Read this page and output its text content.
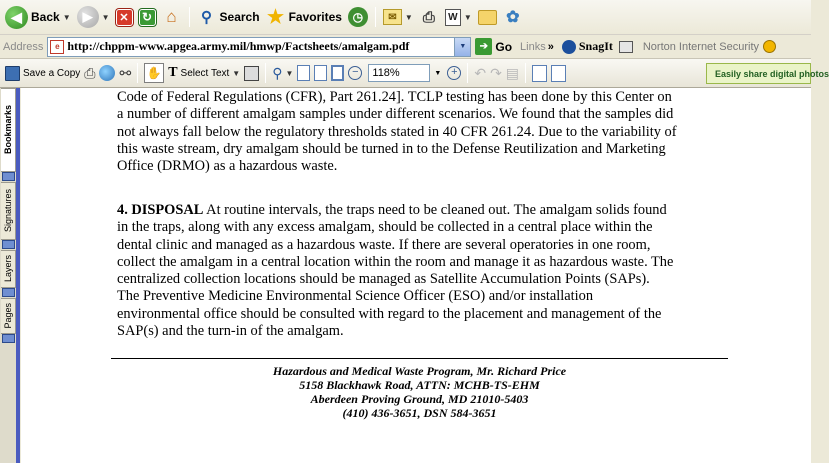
◀ Back ▼ ▶	▼ ✕	↻ ⌂	⚲ Search ★ Favorites ◷	✉	▼ ⎙	W ▼ ✿
Address	e http://chppm-www.apgea.army.mil/hmwp/Factsheets/amalgam.pdf	▼	➔ Go Links » SnagIt	Norton Internet Security
Save a Copy ⎙ ⚯ ✋ T Select Text ▼ ⚲ ▼	−	118%	▼ + ↶ ↷ ▤	Easily share digital photos
Bookmarks
Signatures
Layers
Pages
Code of Federal Regulations (CFR), Part 261.24]. TCLP testing has been done by this Center on
a number of different amalgam samples under different scenarios. We found that the samples did
not always fall below the regulatory thresholds stated in 40 CFR 261.24. Due to the variability of
this waste stream, dry amalgam should be turned in to the Defense Reutilization and Marketing
Office (DRMO) as a hazardous waste.
4. DISPOSAL At routine intervals, the traps need to be cleaned out. The amalgam solids found
in the traps, along with any excess amalgam, should be collected in a central place within the
dental clinic and managed as a hazardous waste. If there are several operatories in one room,
collect the amalgam in a central location within the room and manage it as hazardous waste. The
centralized collection locations should be managed as Satellite Accumulation Points (SAPs).
The Preventive Medicine Environmental Science Officer (ESO) and/or installation
environmental office should be consulted with regard to the placement and management of the
SAP(s) and the turn-in of the amalgam.
Hazardous and Medical Waste Program, Mr. Richard Price
5158 Blackhawk Road, ATTN: MCHB-TS-EHM
Aberdeen Proving Ground, MD 21010-5403
(410) 436-3651, DSN 584-3651
